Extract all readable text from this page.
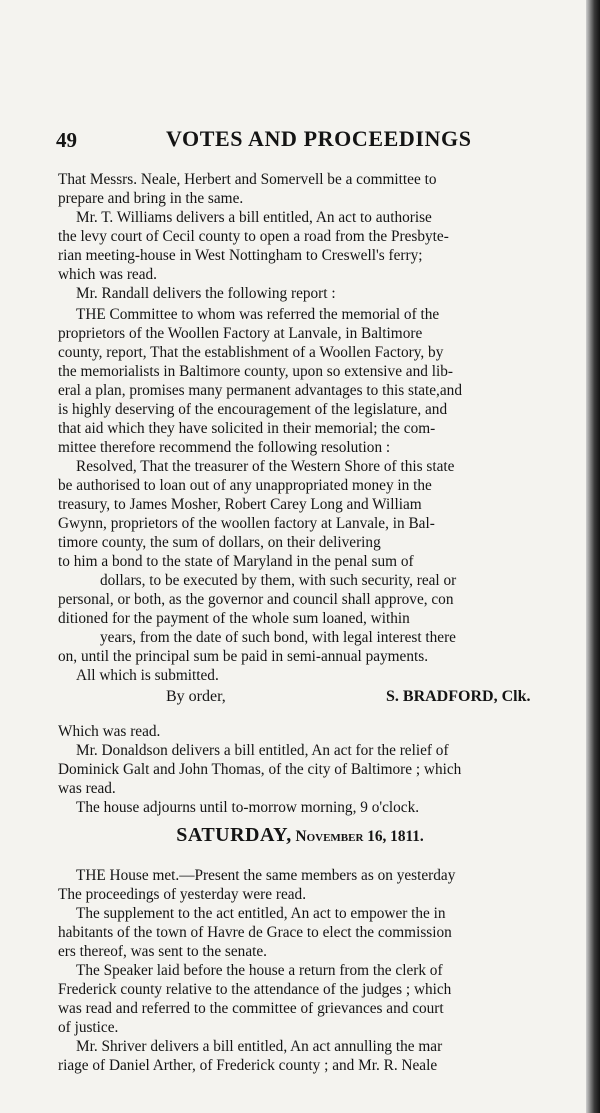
49	VOTES AND PROCEEDINGS
That Messrs. Neale, Herbert and Somervell be a committee to
prepare and bring in the same.
Mr. T. Williams delivers a bill entitled, An act to authorise
the levy court of Cecil county to open a road from the Presbyte-
rian meeting-house in West Nottingham to Creswell's ferry;
which was read.
Mr. Randall delivers the following report :
THE Committee to whom was referred the memorial of the
proprietors of the Woollen Factory at Lanvale, in Baltimore
county, report, That the establishment of a Woollen Factory, by
the memorialists in Baltimore county, upon so extensive and lib-
eral a plan, promises many permanent advantages to this state,and
is highly deserving of the encouragement of the legislature, and
that aid which they have solicited in their memorial; the com-
mittee therefore recommend the following resolution :
Resolved, That the treasurer of the Western Shore of this state
be authorised to loan out of any unappropriated money in the
treasury, to James Mosher, Robert Carey Long and William
Gwynn, proprietors of the woollen factory at Lanvale, in Bal-
timore county, the sum of dollars, on their delivering
to him a bond to the state of Maryland in the penal sum of
dollars, to be executed by them, with such security, real or
personal, or both, as the governor and council shall approve, con
ditioned for the payment of the whole sum loaned, within
years, from the date of such bond, with legal interest there
on, until the principal sum be paid in semi-annual payments.
All which is submitted.
By order,	S. BRADFORD, Clk.
Which was read.
Mr. Donaldson delivers a bill entitled, An act for the relief of
Dominick Galt and John Thomas, of the city of Baltimore ; which
was read.
The house adjourns until to-morrow morning, 9 o'clock.
SATURDAY, November 16, 1811.
THE House met.—Present the same members as on yesterday
The proceedings of yesterday were read.
The supplement to the act entitled, An act to empower the in
habitants of the town of Havre de Grace to elect the commission
ers thereof, was sent to the senate.
The Speaker laid before the house a return from the clerk of
Frederick county relative to the attendance of the judges ; which
was read and referred to the committee of grievances and court
of justice.
Mr. Shriver delivers a bill entitled, An act annulling the mar
riage of Daniel Arther, of Frederick county ; and Mr. R. Neale
